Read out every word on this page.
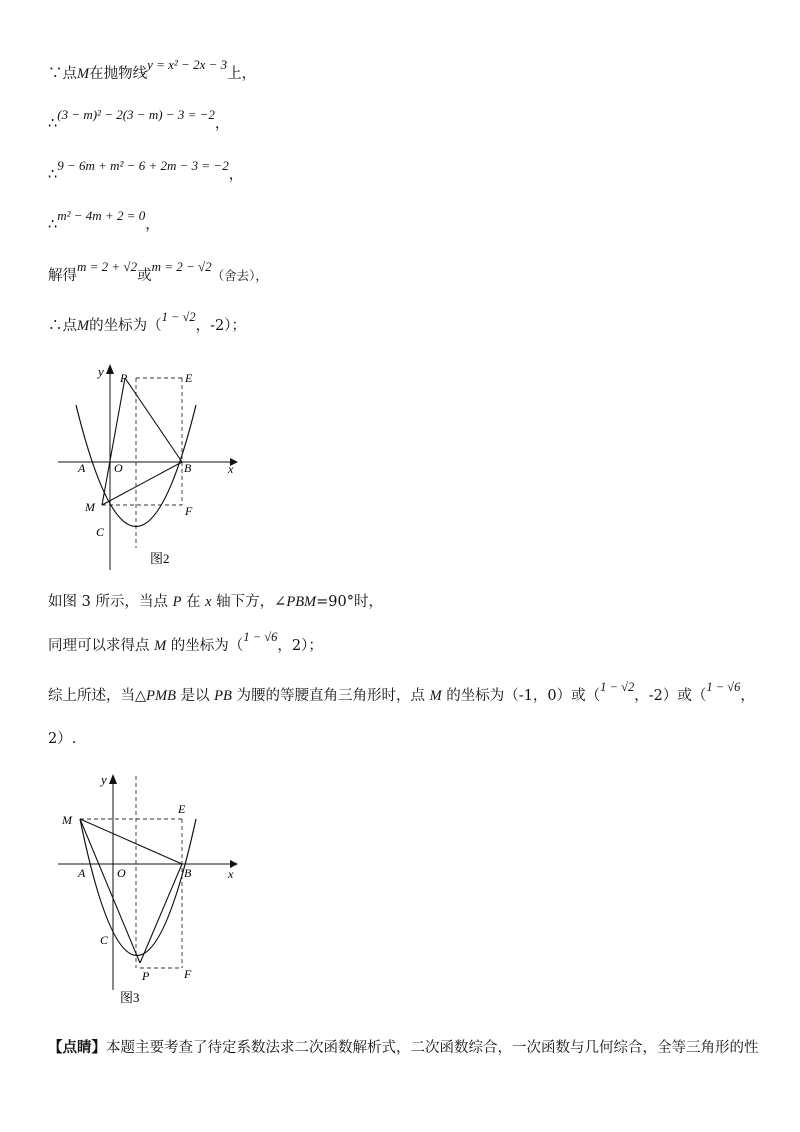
∵点M在抛物线y = x² − 2x − 3上，
∴(3 − m)² − 2(3 − m) − 3 = −2，
∴9 − 6m + m² − 6 + 2m − 3 = −2，
∴m² − 4m + 2 = 0，
解得m = 2 + √2或m = 2 − √2（舍去），
∴点M的坐标为（1 − √2，-2）；
y P	E
A O	B	x
M	F
C
图2
如图 3 所示，当点 P 在 x 轴下方，∠PBM=90°时，
同理可以求得点 M 的坐标为（1 − √6，2）；
综上所述，当△PMB 是以 PB 为腰的等腰直角三角形时，点 M 的坐标为（-1，0）或（1 − √2，-2）或（1 − √6，
2）.
y
E
M
A	O	B	x
C
P	F
图3
【点睛】本题主要考查了待定系数法求二次函数解析式，二次函数综合，一次函数与几何综合，全等三角形的性
